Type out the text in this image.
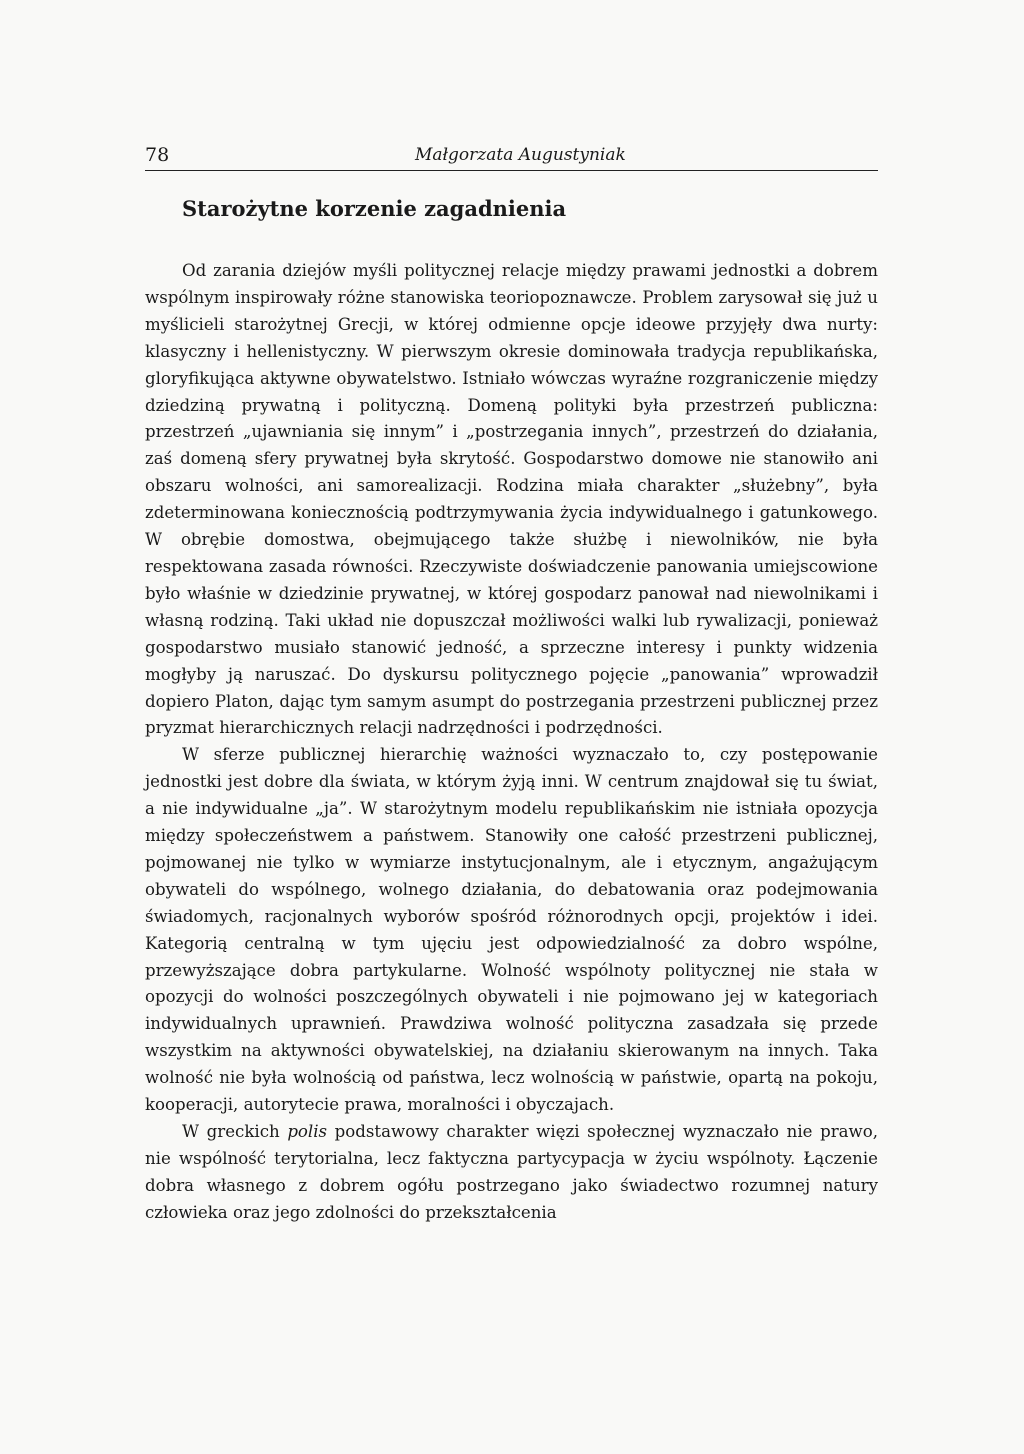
78	Małgorzata Augustyniak
Starożytne korzenie zagadnienia

Od zarania dziejów myśli politycznej relacje między prawami jednostki a dobrem wspólnym inspirowały różne stanowiska teoriopoznawcze. Problem zarysował się już u myślicieli starożytnej Grecji, w której odmienne opcje ideowe przyjęły dwa nurty: klasyczny i hellenistyczny. W pierwszym okresie dominowała tradycja republikańska, gloryfikująca aktywne obywatelstwo. Istniało wówczas wyraźne rozgraniczenie między dziedziną prywatną i polityczną. Domeną polityki była przestrzeń publiczna: przestrzeń „ujawniania się innym” i „postrzegania innych”, przestrzeń do działania, zaś domeną sfery prywatnej była skrytość. Gospodarstwo domowe nie stanowiło ani obszaru wolności, ani samorealizacji. Rodzina miała charakter „służebny”, była zdeterminowana koniecznością podtrzymywania życia indywidualnego i gatunkowego. W obrębie domostwa, obejmującego także służbę i niewolników, nie była respektowana zasada równości. Rzeczywiste doświadczenie panowania umiejscowione było właśnie w dziedzinie prywatnej, w której gospodarz panował nad niewolnikami i własną rodziną. Taki układ nie dopuszczał możliwości walki lub rywalizacji, ponieważ gospodarstwo musiało stanowić jedność, a sprzeczne interesy i punkty widzenia mogłyby ją naruszać. Do dyskursu politycznego pojęcie „panowania” wprowadził dopiero Platon, dając tym samym asumpt do postrzegania przestrzeni publicznej przez pryzmat hierarchicznych relacji nadrzędności i podrzędności.

W sferze publicznej hierarchię ważności wyznaczało to, czy postępowanie jednostki jest dobre dla świata, w którym żyją inni. W centrum znajdował się tu świat, a nie indywidualne „ja”. W starożytnym modelu republikańskim nie istniała opozycja między społeczeństwem a państwem. Stanowiły one całość przestrzeni publicznej, pojmowanej nie tylko w wymiarze instytucjonalnym, ale i etycznym, angażującym obywateli do wspólnego, wolnego działania, do debatowania oraz podejmowania świadomych, racjonalnych wyborów spośród różnorodnych opcji, projektów i idei. Kategorią centralną w tym ujęciu jest odpowiedzialność za dobro wspólne, przewyższające dobra partykularne. Wolność wspólnoty politycznej nie stała w opozycji do wolności poszczególnych obywateli i nie pojmowano jej w kategoriach indywidualnych uprawnień. Prawdziwa wolność polityczna zasadzała się przede wszystkim na aktywności obywatelskiej, na działaniu skierowanym na innych. Taka wolność nie była wolnością od państwa, lecz wolnością w państwie, opartą na pokoju, kooperacji, autorytecie prawa, moralności i obyczajach.

W greckich polis podstawowy charakter więzi społecznej wyznaczało nie prawo, nie wspólność terytorialna, lecz faktyczna partycypacja w życiu wspólnoty. Łączenie dobra własnego z dobrem ogółu postrzegano jako świadectwo rozumnej natury człowieka oraz jego zdolności do przekształcenia
